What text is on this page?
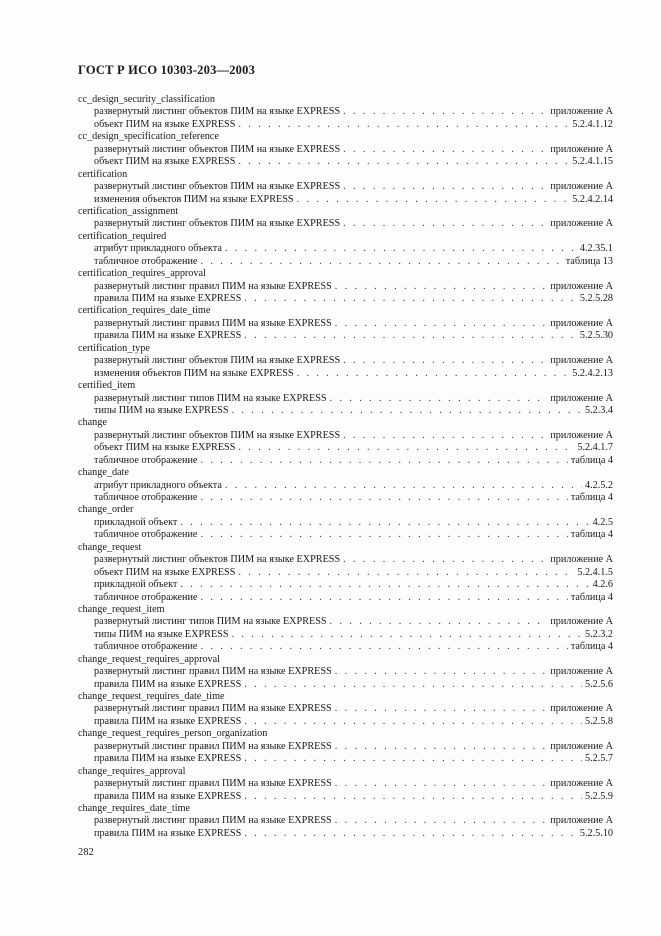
ГОСТ Р ИСО 10303-203—2003
cc_design_security_classification
развернутый листинг объектов ПИМ на языке EXPRESS . . .	приложение А
объект ПИМ на языке EXPRESS . . .	5.2.4.1.12
cc_design_specification_reference
развернутый листинг объектов ПИМ на языке EXPRESS . . .	приложение А
объект ПИМ на языке EXPRESS . . .	5.2.4.1.15
certification
развернутый листинг объектов ПИМ на языке EXPRESS . . .	приложение А
изменения объектов ПИМ на языке EXPRESS . . .	5.2.4.2.14
certification_assignment
развернутый листинг объектов ПИМ на языке EXPRESS . . .	приложение А
certification_required
атрибут прикладного объекта . . .	4.2.35.1
табличное отображение . . .	таблица 13
certification_requires_approval
развернутый листинг правил ПИМ на языке EXPRESS . . .	приложение А
правила ПИМ на языке EXPRESS . . .	5.2.5.28
certification_requires_date_time
развернутый листинг правил ПИМ на языке EXPRESS . . .	приложение А
правила ПИМ на языке EXPRESS . . .	5.2.5.30
certification_type
развернутый листинг объектов ПИМ на языке EXPRESS . . .	приложение А
изменения объектов ПИМ на языке EXPRESS . . .	5.2.4.2.13
certified_item
развернутый листинг типов ПИМ на языке EXPRESS . . .	приложение А
типы ПИМ на языке EXPRESS . . .	5.2.3.4
change
развернутый листинг объектов ПИМ на языке EXPRESS . . .	приложение А
объект ПИМ на языке EXPRESS . . .	5.2.4.1.7
табличное отображение . . .	таблица 4
change_date
атрибут прикладного объекта . . .	4.2.5.2
табличное отображение . . .	таблица 4
change_order
прикладной объект . . .	4.2.5
табличное отображение . . .	таблица 4
change_request
развернутый листинг объектов ПИМ на языке EXPRESS . . .	приложение А
объект ПИМ на языке EXPRESS . . .	5.2.4.1.5
прикладной объект . . .	4.2.6
табличное отображение . . .	таблица 4
change_request_item
развернутый листинг типов ПИМ на языке EXPRESS . . .	приложение А
типы ПИМ на языке EXPRESS . . .	5.2.3.2
табличное отображение . . .	таблица 4
change_request_requires_approval
развернутый листинг правил ПИМ на языке EXPRESS . . .	приложение А
правила ПИМ на языке EXPRESS . . .	5.2.5.6
change_request_requires_date_time
развернутый листинг правил ПИМ на языке EXPRESS . . .	приложение А
правила ПИМ на языке EXPRESS . . .	5.2.5.8
change_request_requires_person_organization
развернутый листинг правил ПИМ на языке EXPRESS . . .	приложение А
правила ПИМ на языке EXPRESS . . .	5.2.5.7
change_requires_approval
развернутый листинг правил ПИМ на языке EXPRESS . . .	приложение А
правила ПИМ на языке EXPRESS . . .	5.2.5.9
change_requires_date_time
развернутый листинг правил ПИМ на языке EXPRESS . . .	приложение А
правила ПИМ на языке EXPRESS . . .	5.2.5.10
282
